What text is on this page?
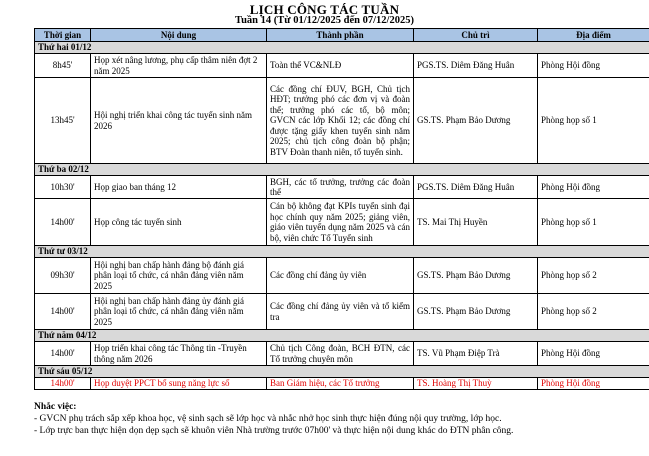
LỊCH CÔNG TÁC TUẦN
Tuần 14 (Từ 01/12/2025 đến 07/12/2025)
Thời gian	Nội dung	Thành phần	Chủ trì	Địa điểm
Thứ hai 01/12				
8h45'	Họp xét nâng lương, phụ cấp thâm niên đợt 2 năm 2025	Toàn thể VC&NLĐ	PGS.TS. Diêm Đăng Huân	Phòng Hội đồng
13h45'	Hội nghị triển khai công tác tuyển sinh năm 2026	Các đồng chí ĐUV, BGH, Chủ tịch HĐT; trưởng phó các đơn vị và đoàn thể; trưởng phó các tổ, bộ môn; GVCN các lớp Khối 12; các đồng chí được tặng giấy khen tuyển sinh năm 2025; chủ tịch công đoàn bộ phận; BTV Đoàn thanh niên, tổ tuyển sinh.	GS.TS. Phạm Bảo Dương	Phòng họp số 1
Thứ ba 02/12				
10h30'	Họp giao ban tháng 12	BGH, các tổ trưởng, trưởng các đoàn thể	PGS.TS. Diêm Đăng Huân	Phòng Hội đồng
14h00'	Họp công tác tuyển sinh	Cán bộ không đạt KPIs tuyển sinh đại học chính quy năm 2025; giảng viên, giáo viên tuyển dụng năm 2025 và cán bộ, viên chức Tổ Tuyển sinh	TS. Mai Thị Huyền	Phòng họp số 1
Thứ tư 03/12				
09h30'	Hội nghị ban chấp hành đảng bộ đánh giá phân loại tổ chức, cá nhân đảng viên năm 2025	Các đồng chí đảng ủy viên	GS.TS. Phạm Bảo Dương	Phòng họp số 2
14h00'	Hội nghị ban chấp hành đảng ủy đánh giá phân loại tổ chức, cá nhân đảng viên năm 2025	Các đồng chí đảng ủy viên và tổ kiểm tra	GS.TS. Phạm Bảo Dương	Phòng họp số 2
Thứ năm 04/12				
14h00'	Họp triển khai công tác Thông tin -Truyền thông năm 2026	Chủ tịch Công đoàn, BCH ĐTN, các Tổ trưởng chuyên môn	TS. Vũ Phạm Điệp Trà	Phòng Hội đồng
Thứ sáu 05/12				
14h00'	Họp duyệt PPCT bổ sung năng lực số	Ban Giám hiệu, các Tổ trưởng	TS. Hoàng Thị Thuỳ	Phòng Hội đồng
Nhắc việc:
- GVCN phụ trách sắp xếp khoa học, vệ sinh sạch sẽ lớp học và nhắc nhở học sinh thực hiện đúng nội quy trường, lớp học.
- Lớp trực ban thực hiện dọn dẹp sạch sẽ khuôn viên Nhà trường trước 07h00' và thực hiện nội dung khác do ĐTN phân công.
